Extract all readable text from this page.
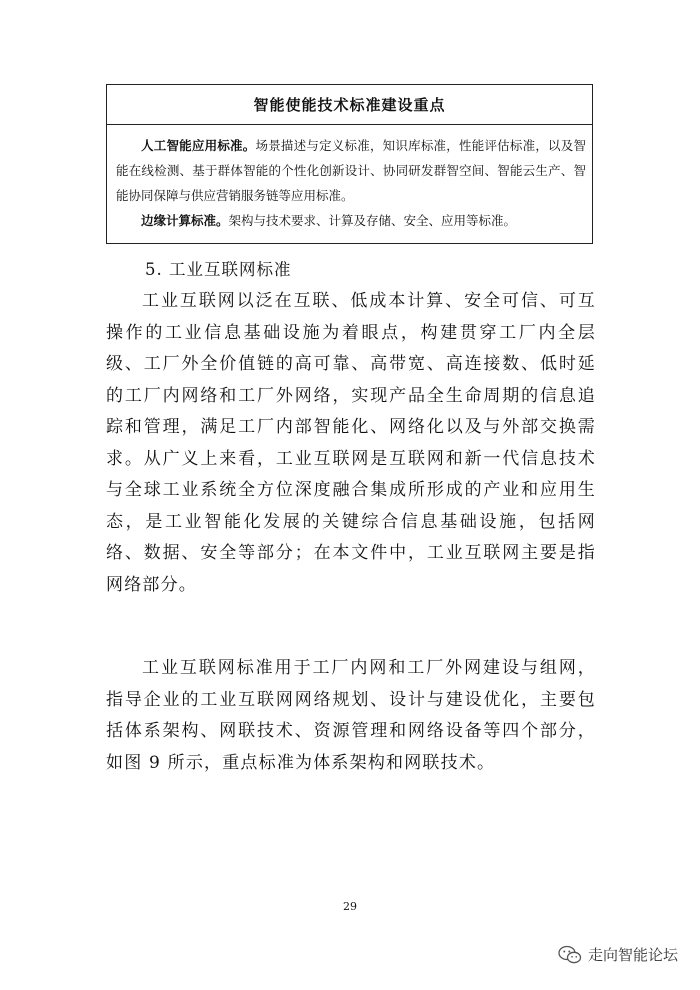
智能使能技术标准建设重点

人工智能应用标准。场景描述与定义标准，知识库标准，性能评估标准，以及智能在线检测、基于群体智能的个性化创新设计、协同研发群智空间、智能云生产、智能协同保障与供应营销服务链等应用标准。

边缘计算标准。架构与技术要求、计算及存储、安全、应用等标准。

5. 工业互联网标准

工业互联网以泛在互联、低成本计算、安全可信、可互操作的工业信息基础设施为着眼点，构建贯穿工厂内全层级、工厂外全价值链的高可靠、高带宽、高连接数、低时延的工厂内网络和工厂外网络，实现产品全生命周期的信息追踪和管理，满足工厂内部智能化、网络化以及与外部交换需求。从广义上来看，工业互联网是互联网和新一代信息技术与全球工业系统全方位深度融合集成所形成的产业和应用生态，是工业智能化发展的关键综合信息基础设施，包括网络、数据、安全等部分；在本文件中，工业互联网主要是指网络部分。

工业互联网标准用于工厂内网和工厂外网建设与组网，指导企业的工业互联网网络规划、设计与建设优化，主要包括体系架构、网联技术、资源管理和网络设备等四个部分，如图 9 所示，重点标准为体系架构和网联技术。

29
走向智能论坛
